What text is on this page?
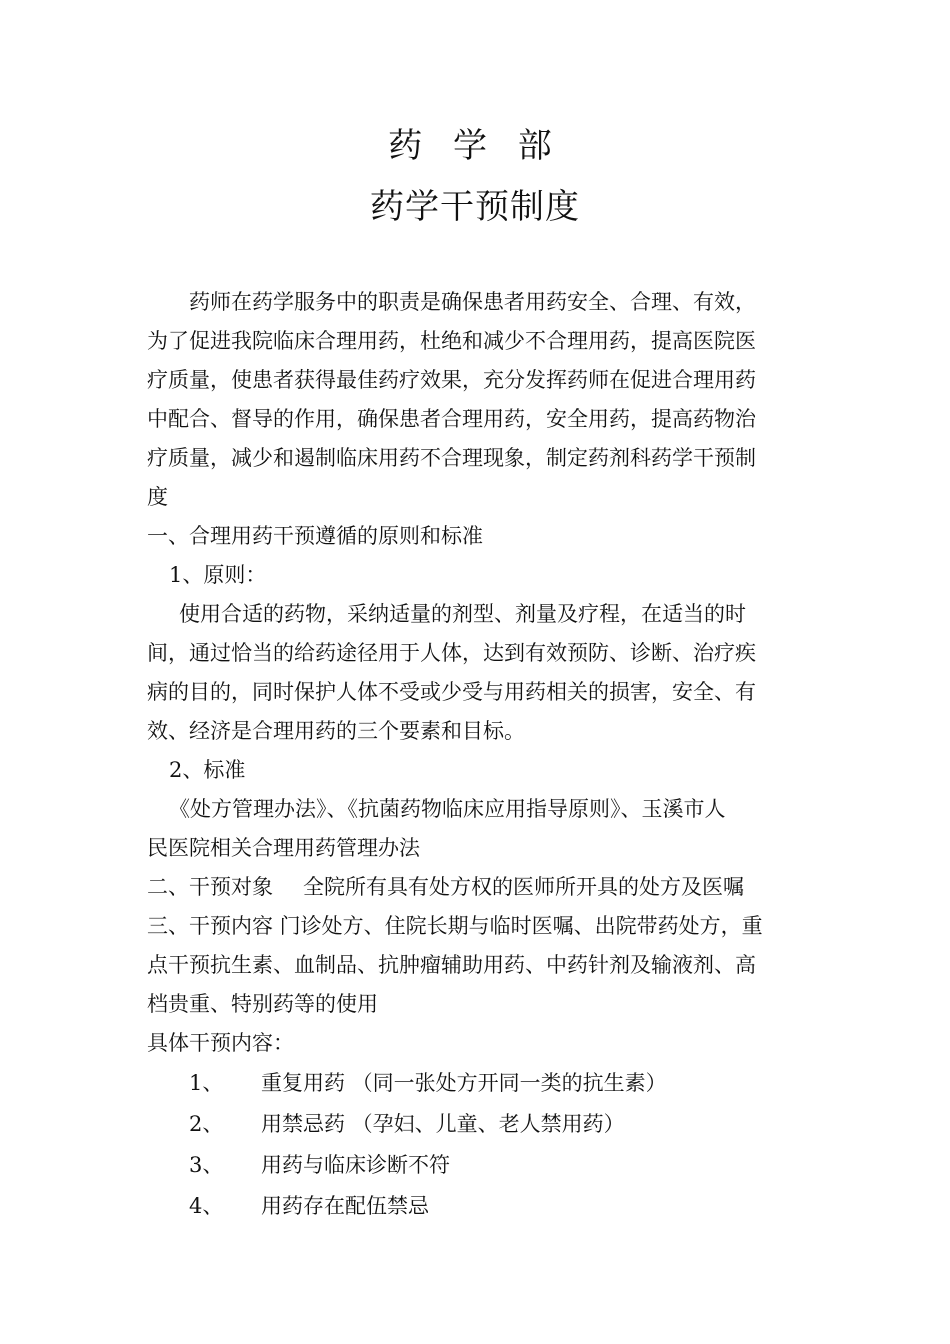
药 学 部
药学干预制度

药师在药学服务中的职责是确保患者用药安全、合理、有效，

为了促进我院临床合理用药，杜绝和减少不合理用药，提高医院医

疗质量，使患者获得最佳药疗效果，充分发挥药师在促进合理用药

中配合、督导的作用，确保患者合理用药，安全用药，提高药物治

疗质量，减少和遏制临床用药不合理现象，制定药剂科药学干预制

度

一、合理用药干预遵循的原则和标准

1、原则：

使用合适的药物，采纳适量的剂型、剂量及疗程，在适当的时

间，通过恰当的给药途径用于人体，达到有效预防、诊断、治疗疾

病的目的，同时保护人体不受或少受与用药相关的损害，安全、有

效、经济是合理用药的三个要素和目标。

2、标准

《处方管理办法》、《抗菌药物临床应用指导原则》、玉溪市人

民医院相关合理用药管理办法

二、干预对象 全院所有具有处方权的医师所开具的处方及医嘱

三、干预内容 门诊处方、住院长期与临时医嘱、出院带药处方，重

点干预抗生素、血制品、抗肿瘤辅助用药、中药针剂及输液剂、高

档贵重、特别药等的使用

具体干预内容：

1、	重复用药 （同一张处方开同一类的抗生素）
2、	用禁忌药 （孕妇、儿童、老人禁用药）
3、	用药与临床诊断不符
4、	用药存在配伍禁忌
